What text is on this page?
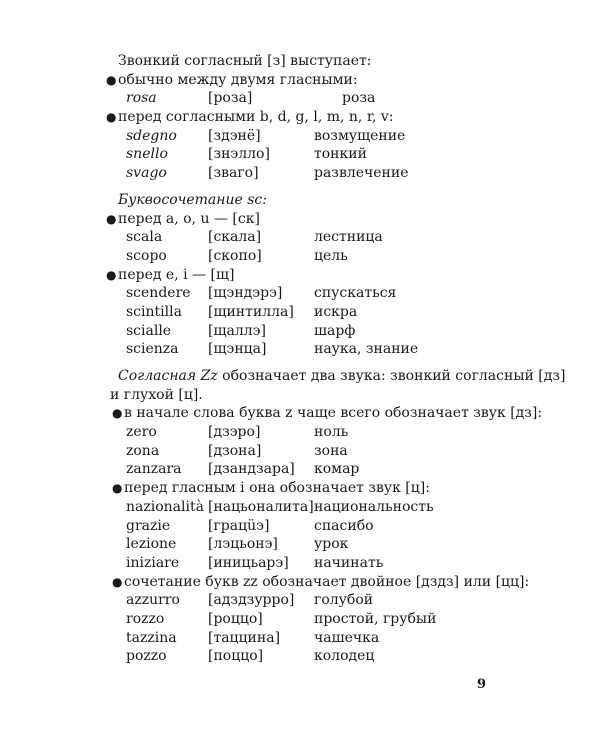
Звонкий согласный [з] выступает:
● обычно между двумя гласными:
rosa	[роза]	роза
● перед согласными b, d, g, l, m, n, r, v:
sdegno	[здэнё]	возмущение
snello	[знэлло]	тонкий
svago	[зваго]	развлечение
Буквосочетание sc:
● перед a, o, u — [ск]
scala	[скала]	лестница
scopo	[скопо]	цель
● перед e, i — [щ]
scendere	[щэндэрэ]	спускаться
scintilla	[щинтилла]	искра
scialle	[щаллэ]	шарф
scienza	[щэнца]	наука, знание
Согласная Zz обозначает два звука: звонкий согласный [дз]
и глухой [ц].
● в начале слова буква z чаще всего обозначает звук [дз]:
zero	[дзэро]	ноль
zona	[дзона]	зона
zanzara	[дзандзара]	комар
● перед гласным i она обозначает звук [ц]:
nazionalità [нацьоналита] национальность
grazie	[грацüэ]	спасибо
lezione	[лэцьонэ]	урок
iniziare	[иницьарэ]	начинать
● сочетание букв zz обозначает двойное [дздз] или [цц]:
azzurro	[адздзурро]	голубой
rozzo	[роццо]	простой, грубый
tazzina	[таццина]	чашечка
pozzo	[поццо]	колодец
9
